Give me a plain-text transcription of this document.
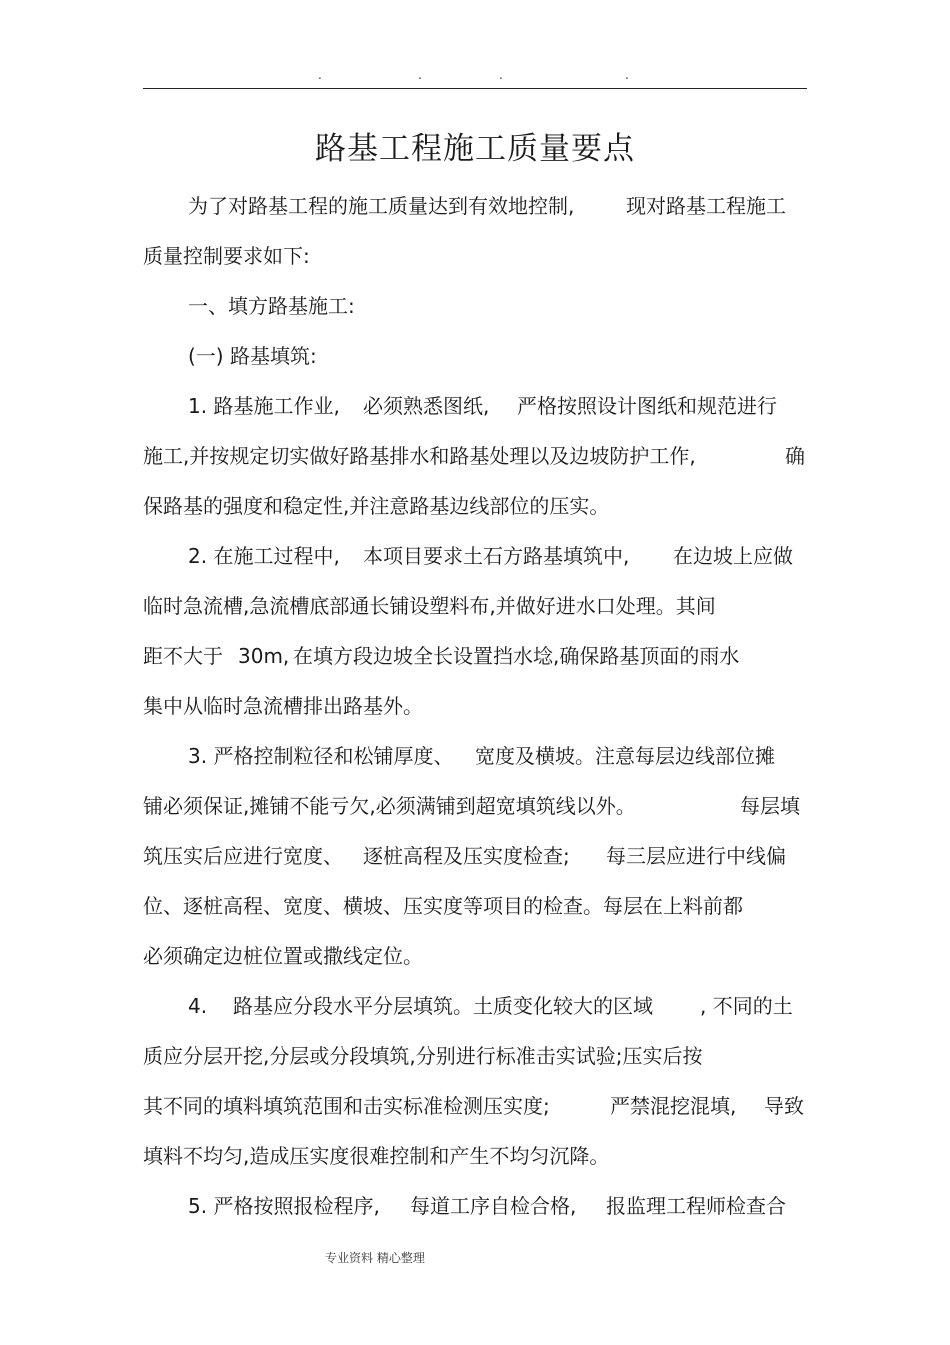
.	.	.	.
路基工程施工质量要点
为了对路基工程的施工质量达到有效地控制,	现对路基工程施工
质量控制要求如下:
一、填方路基施工:
(一) 路基填筑:
1. 路基施工作业, 必须熟悉图纸, 严格按照设计图纸和规范进行
施工,并按规定切实做好路基排水和路基处理以及边坡防护工作,	确
保路基的强度和稳定性,并注意路基边线部位的压实。
2. 在施工过程中, 本项目要求土石方路基填筑中, 在边坡上应做
临时急流槽,急流槽底部通长铺设塑料布,并做好进水口处理。其间
距不大于 30m, 在填方段边坡全长设置挡水埝,确保路基顶面的雨水
集中从临时急流槽排出路基外。
3. 严格控制粒径和松铺厚度、 宽度及横坡。注意每层边线部位摊
铺必须保证,摊铺不能亏欠,必须满铺到超宽填筑线以外。	每层填
筑压实后应进行宽度、 逐桩高程及压实度检查; 每三层应进行中线偏
位、逐桩高程、宽度、横坡、压实度等项目的检查。每层在上料前都
必须确定边桩位置或撒线定位。
4. 路基应分段水平分层填筑。土质变化较大的区域 , 不同的土
质应分层开挖,分层或分段填筑,分别进行标准击实试验;压实后按
其不同的填料填筑范围和击实标准检测压实度;	严禁混挖混填, 导致
填料不均匀,造成压实度很难控制和产生不均匀沉降。
5. 严格按照报检程序, 每道工序自检合格, 报监理工程师检查合
专业资料 精心整理
